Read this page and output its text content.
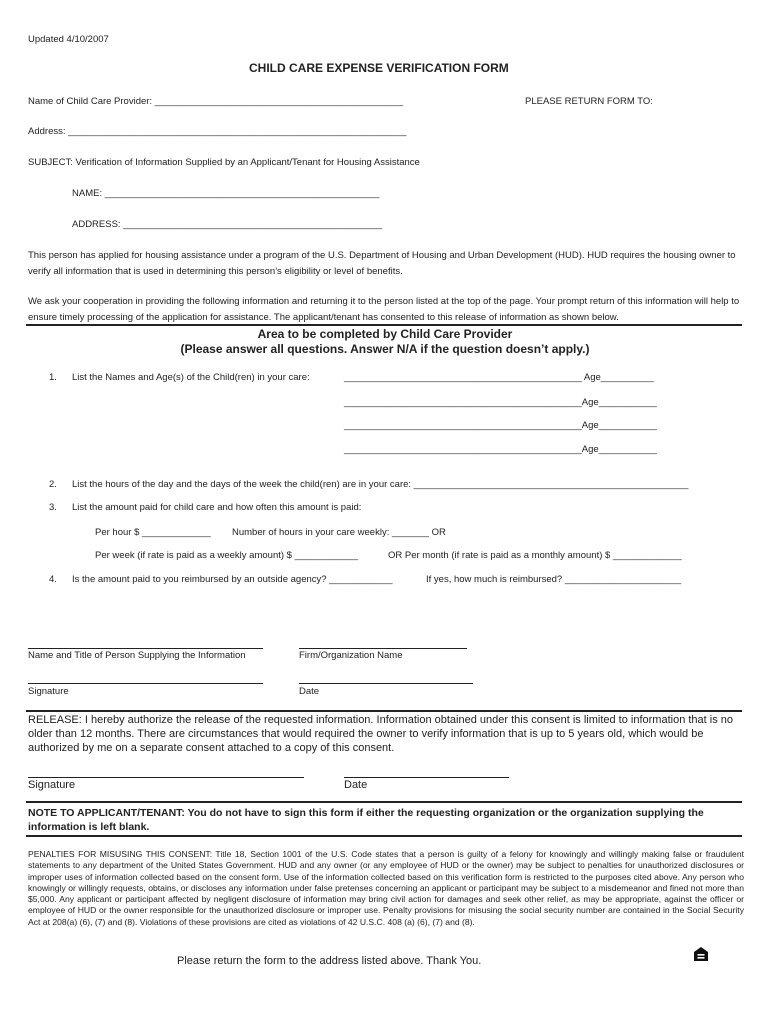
Updated 4/10/2007
CHILD CARE EXPENSE VERIFICATION FORM
Name of Child Care Provider: _______________________________________________	PLEASE RETURN FORM TO:
Address: ________________________________________________________________
SUBJECT: Verification of Information Supplied by an Applicant/Tenant for Housing Assistance
NAME: ____________________________________________________
ADDRESS: _________________________________________________
This person has applied for housing assistance under a program of the U.S. Department of Housing and Urban Development (HUD). HUD requires the housing owner to verify all information that is used in determining this person’s eligibility or level of benefits.
We ask your cooperation in providing the following information and returning it to the person listed at the top of the page. Your prompt return of this information will help to ensure timely processing of the application for assistance. The applicant/tenant has consented to this release of information as shown below.
Area to be completed by Child Care Provider
(Please answer all questions. Answer N/A if the question doesn’t apply.)
1. List the Names and Age(s) of the Child(ren) in your care:	_____________________________________________ Age__________
_____________________________________________Age___________
_____________________________________________Age___________
_____________________________________________Age___________
2. List the hours of the day and the days of the week the child(ren) are in your care: ____________________________________________________
3. List the amount paid for child care and how often this amount is paid:
Per hour $ _____________ Number of hours in your care weekly: _______ OR
Per week (if rate is paid as a weekly amount) $ ____________	OR Per month (if rate is paid as a monthly amount) $ _____________
4. Is the amount paid to you reimbursed by an outside agency? ____________	If yes, how much is reimbursed? ______________________
Name and Title of Person Supplying the Information	Firm/Organization Name
Signature	Date
RELEASE: I hereby authorize the release of the requested information. Information obtained under this consent is limited to information that is no older than 12 months. There are circumstances that would required the owner to verify information that is up to 5 years old, which would be authorized by me on a separate consent attached to a copy of this consent.
Signature	Date
NOTE TO APPLICANT/TENANT: You do not have to sign this form if either the requesting organization or the organization supplying the information is left blank.
PENALTIES FOR MISUSING THIS CONSENT: Title 18, Section 1001 of the U.S. Code states that a person is guilty of a felony for knowingly and willingly making false or fraudulent statements to any department of the United States Government. HUD and any owner (or any employee of HUD or the owner) may be subject to penalties for unauthorized disclosures or improper uses of information collected based on the consent form. Use of the information collected based on this verification form is restricted to the purposes cited above. Any person who knowingly or willingly requests, obtains, or discloses any information under false pretenses concerning an applicant or participant may be subject to a misdemeanor and fined not more than $5,000. Any applicant or participant affected by negligent disclosure of information may bring civil action for damages and seek other relief, as may be appropriate, against the officer or employee of HUD or the owner responsible for the unauthorized disclosure or improper use. Penalty provisions for misusing the social security number are contained in the Social Security Act at 208(a) (6), (7) and (8). Violations of these provisions are cited as violations of 42 U.S.C. 408 (a) (6), (7) and (8).
Please return the form to the address listed above. Thank You.
